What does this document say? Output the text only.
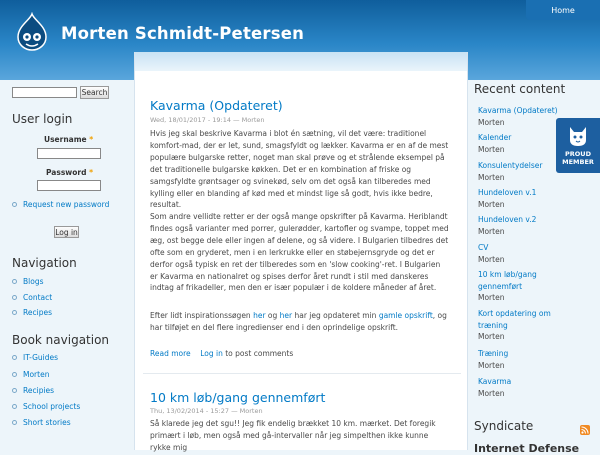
Morten Schmidt-Petersen
Home
Search
User login
Username *
Password *
Request new password
Log in
Navigation
Blogs
Contact
Recipes
Book navigation
IT-Guides
Morten
Recipies
School projects
Short stories
Kavarma (Opdateret)
Wed, 18/01/2017 - 19:14 — Morten

Hvis jeg skal beskrive Kavarma i blot én sætning, vil det være: traditionel komfort-mad, der er let, sund, smagsfyldt og lækker. Kavarma er en af de mest populære bulgarske retter, noget man skal prøve og et strålende eksempel på det traditionelle bulgarske køkken. Det er en kombination af friske og samgsfyldte grøntsager og svinekød, selv om det også kan tilberedes med kylling eller en blanding af kød med et mindst lige så godt, hvis ikke bedre, resultat.

Som andre vellidte retter er der også mange opskrifter på Kavarma. Heriblandt findes også varianter med porrer, gulerødder, kartofler og svampe, toppet med æg, ost begge dele eller ingen af delene, og så videre. I Bulgarien tilbedres det ofte som en gryderet, men i en lerkrukke eller en støbejernsgryde og det er derfor også typisk en ret der tilberedes som en 'slow cooking'-ret. I Bulgarien er Kavarma en nationalret og spises derfor året rundt i stil med danskeres indtag af frikadeller, men den er især populær i de koldere måneder af året.

Efter lidt inspirationssøgen her og her har jeg opdateret min gamle opskrift, og har tilføjet en del flere ingredienser end i den oprindelige opskrift.

Read more Log in to post comments
10 km løb/gang gennemført
Thu, 13/02/2014 - 15:27 — Morten

Så klarede jeg det sgu!! Jeg fik endelig brækket 10 km. mærket. Det foregik primært i løb, men også med gå-intervaller når jeg simpelthen ikke kunne rykke mig

Recent content
Kavarma (Opdateret)
Morten
Kalender
Morten
Konsulentydelser
Morten
Hundeloven v.1
Morten
Hundeloven v.2
Morten
CV
Morten
10 km løb/gang gennemført
Morten
Kort opdatering om træning
Morten
Træning
Morten
Kavarma
Morten
Syndicate
Internet Defense
PROUD
MEMBER
